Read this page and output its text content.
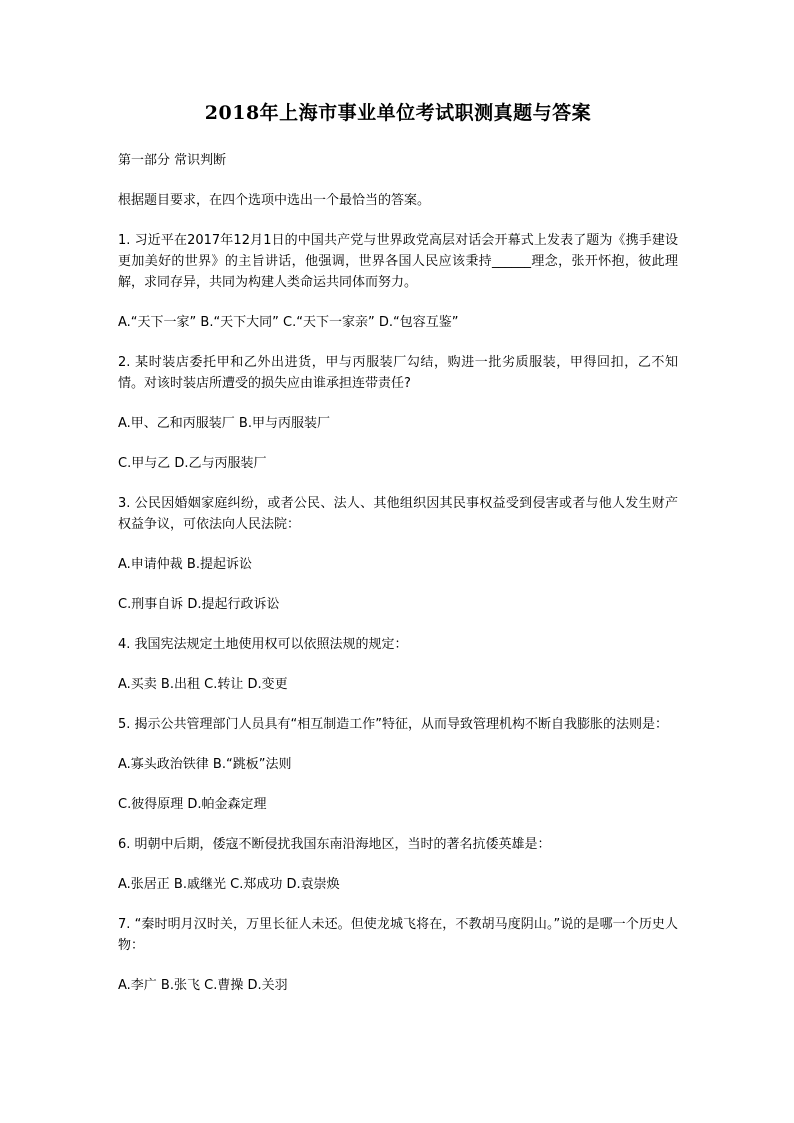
2018年上海市事业单位考试职测真题与答案

第一部分 常识判断

根据题目要求，在四个选项中选出一个最恰当的答案。

1. 习近平在2017年12月1日的中国共产党与世界政党高层对话会开幕式上发表了题为《携手建设更加美好的世界》的主旨讲话，他强调，世界各国人民应该秉持______理念，张开怀抱，彼此理解，求同存异，共同为构建人类命运共同体而努力。

A.“天下一家” B.“天下大同” C.“天下一家亲” D.“包容互鉴”

2. 某时装店委托甲和乙外出进货，甲与丙服装厂勾结，购进一批劣质服装，甲得回扣，乙不知情。对该时装店所遭受的损失应由谁承担连带责任?

A.甲、乙和丙服装厂 B.甲与丙服装厂

C.甲与乙 D.乙与丙服装厂

3. 公民因婚姻家庭纠纷，或者公民、法人、其他组织因其民事权益受到侵害或者与他人发生财产权益争议，可依法向人民法院：

A.申请仲裁 B.提起诉讼

C.刑事自诉 D.提起行政诉讼

4. 我国宪法规定土地使用权可以依照法规的规定：

A.买卖 B.出租 C.转让 D.变更

5. 揭示公共管理部门人员具有“相互制造工作”特征，从而导致管理机构不断自我膨胀的法则是：

A.寡头政治铁律 B.“跳板”法则

C.彼得原理 D.帕金森定理

6. 明朝中后期，倭寇不断侵扰我国东南沿海地区，当时的著名抗倭英雄是：

A.张居正 B.戚继光 C.郑成功 D.袁崇焕

7. “秦时明月汉时关，万里长征人未还。但使龙城飞将在，不教胡马度阴山。”说的是哪一个历史人物：

A.李广 B.张飞 C.曹操 D.关羽
